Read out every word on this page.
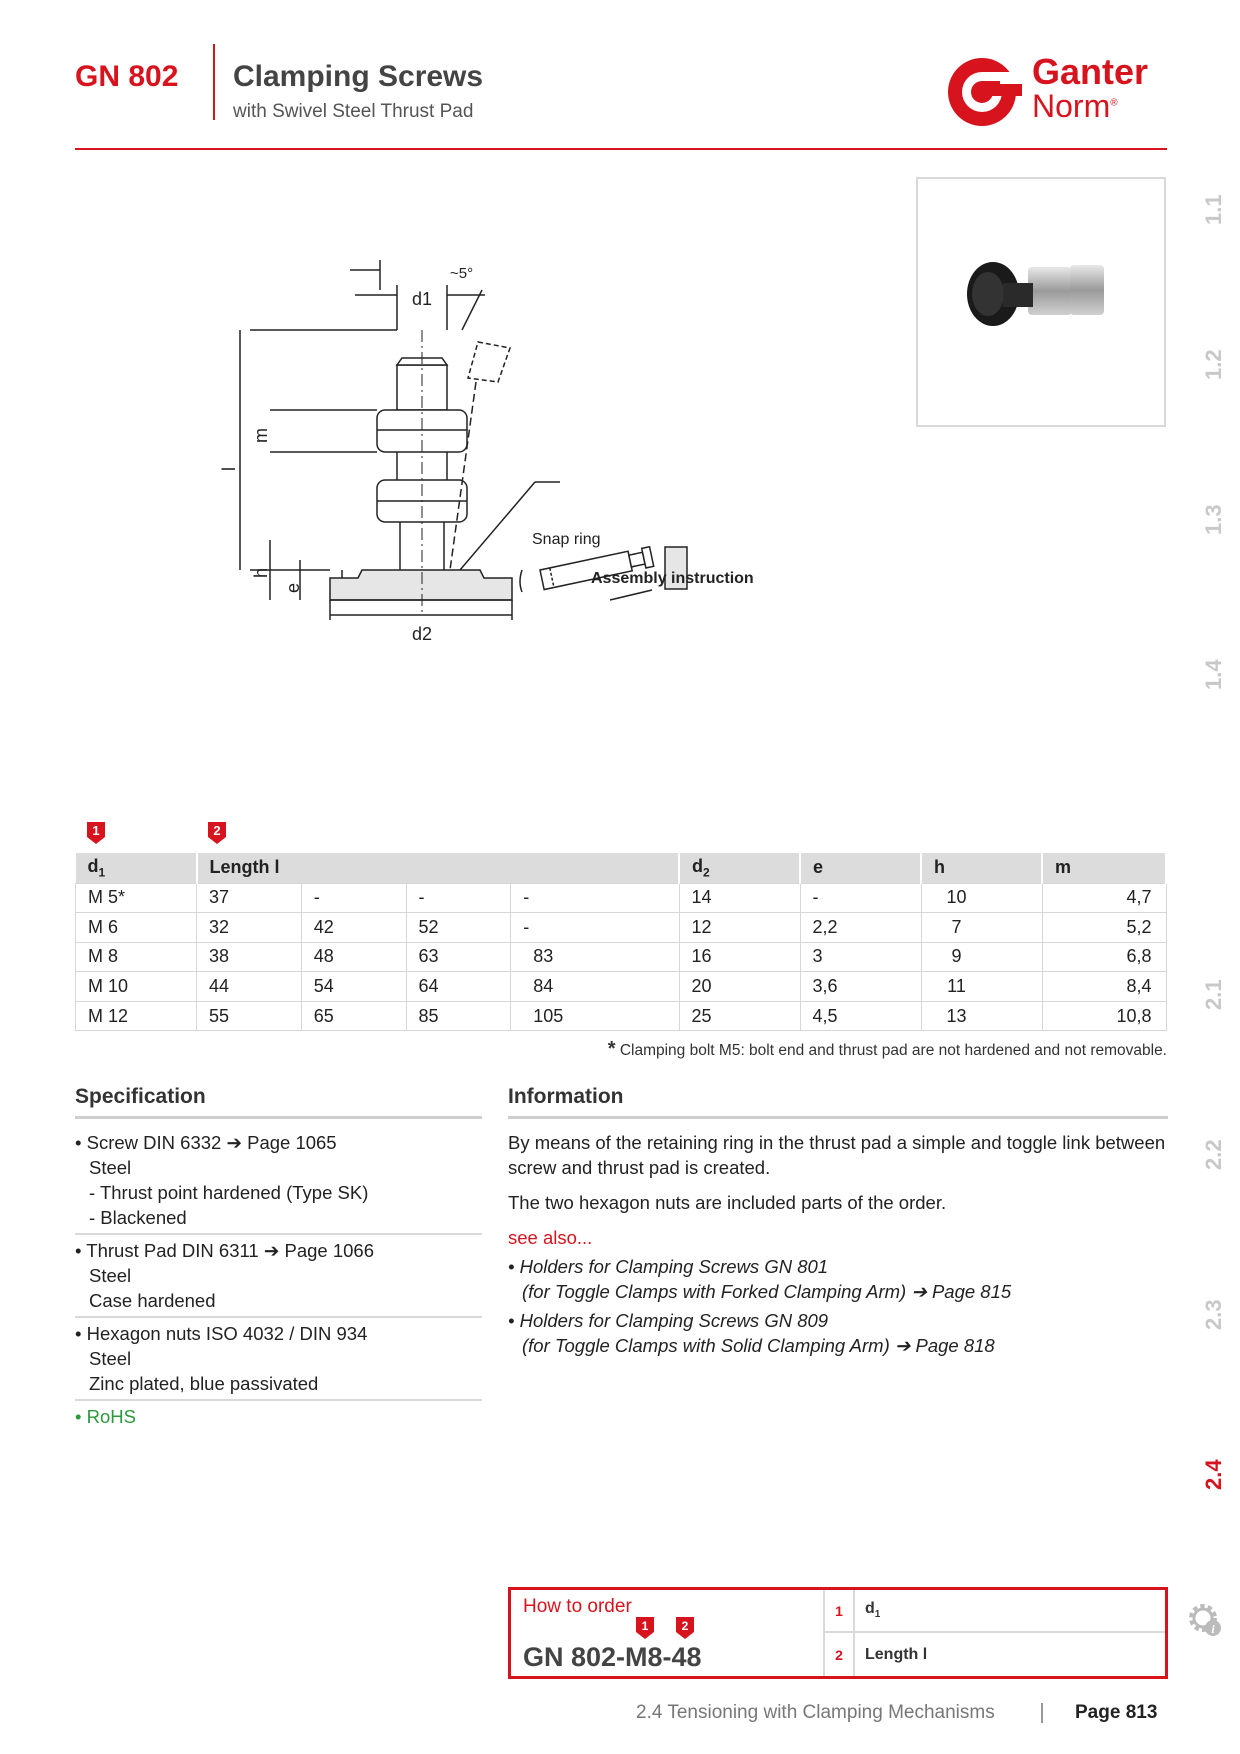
GN 802 Clamping Screws
with Swivel Steel Thrust Pad
Ganter
Norm®
1.1
1.2
1.3
1.4
2.1
2.2
2.3
2.4
~5°
d1
d2
m
l
h
e
Snap ring
Assembly instruction
1	2
$d_1$	Length l				$d_2$	e	h	m
M 5*	37	-	-	-	14	-	10	4,7
M 6	32	42	52	-	12	2,2	7	5,2
M 8	38	48	63	83	16	3	9	6,8
M 10	44	54	64	84	20	3,6	11	8,4
M 12	55	65	85	105	25	4,5	13	10,8
* Clamping bolt M5: bolt end and thrust pad are not hardened and not removable.
Specification
• Screw DIN 6332 ➔ Page 1065
Steel
- Thrust point hardened (Type SK)
- Blackened
• Thrust Pad DIN 6311 ➔ Page 1066
Steel
Case hardened
• Hexagon nuts ISO 4032 / DIN 934
Steel
Zinc plated, blue passivated
• RoHS
Information

By means of the retaining ring in the thrust pad a simple and toggle link between screw and thrust pad is created.

The two hexagon nuts are included parts of the order.

see also...
• Holders for Clamping Screws GN 801
(for Toggle Clamps with Forked Clamping Arm) ➔ Page 815
• Holders for Clamping Screws GN 809
(for Toggle Clamps with Solid Clamping Arm) ➔ Page 818
How to order
1	2
GN 802-M8-48
1	$d_1$
2	Length l
i
2.4 Tensioning with Clamping Mechanisms	Page 813
